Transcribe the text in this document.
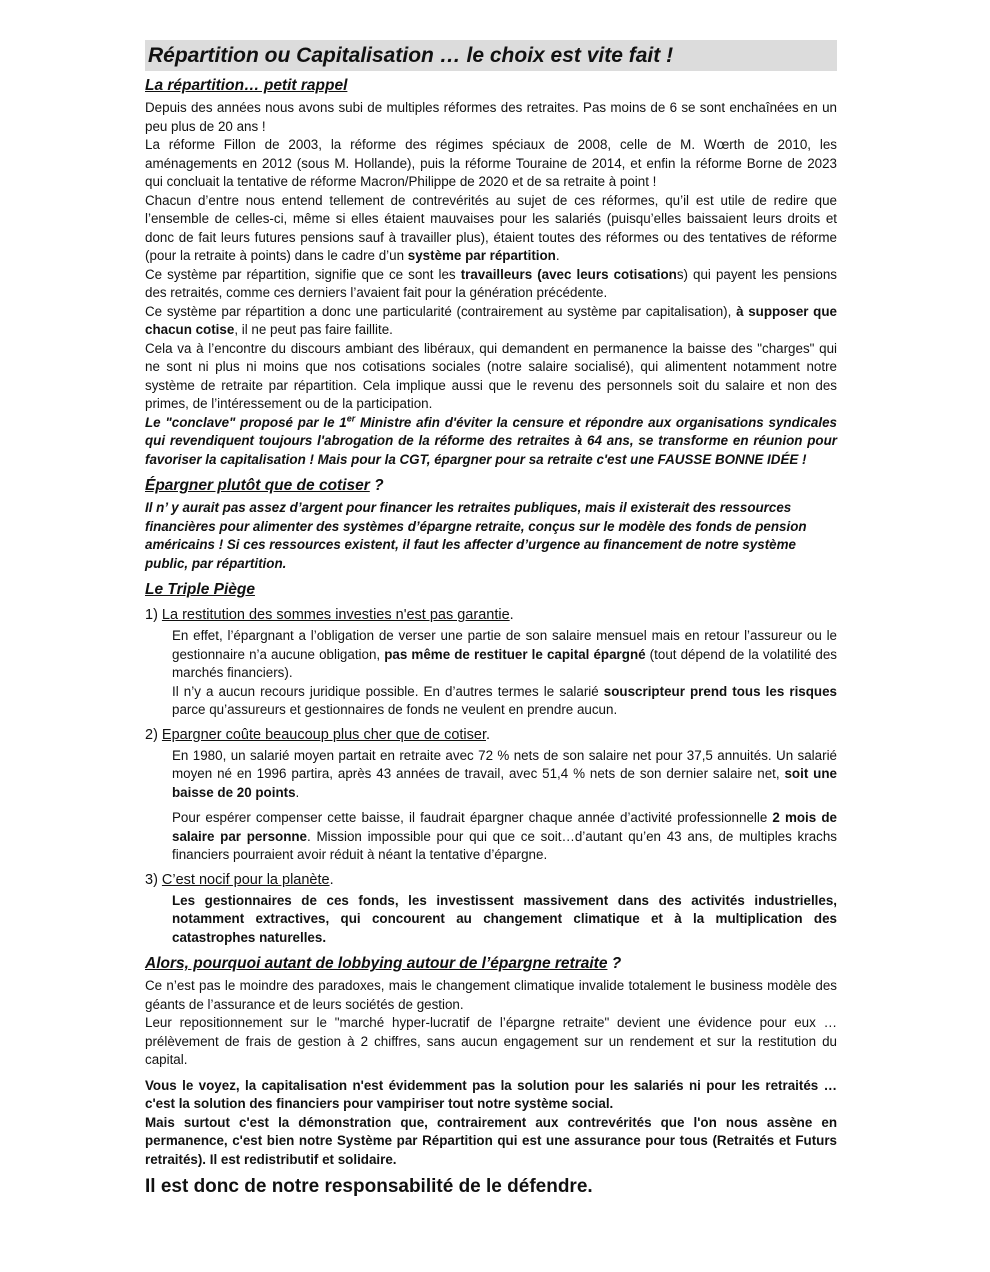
Répartition ou Capitalisation … le choix est vite fait !
La répartition… petit rappel

Depuis des années nous avons subi de multiples réformes des retraites. Pas moins de 6 se sont enchaînées en un peu plus de 20 ans !

La réforme Fillon de 2003, la réforme des régimes spéciaux de 2008, celle de M. Wœrth de 2010, les aménagements en 2012 (sous M. Hollande), puis la réforme Touraine de 2014, et enfin la réforme Borne de 2023 qui concluait la tentative de réforme Macron/Philippe de 2020 et de sa retraite à point !

Chacun d’entre nous entend tellement de contrevérités au sujet de ces réformes, qu’il est utile de redire que l’ensemble de celles-ci, même si elles étaient mauvaises pour les salariés (puisqu’elles baissaient leurs droits et donc de fait leurs futures pensions sauf à travailler plus), étaient toutes des réformes ou des tentatives de réforme (pour la retraite à points) dans le cadre d’un système par répartition.

Ce système par répartition, signifie que ce sont les travailleurs (avec leurs cotisations) qui payent les pensions des retraités, comme ces derniers l’avaient fait pour la génération précédente.

Ce système par répartition a donc une particularité (contrairement au système par capitalisation), à supposer que chacun cotise, il ne peut pas faire faillite.

Cela va à l’encontre du discours ambiant des libéraux, qui demandent en permanence la baisse des "charges" qui ne sont ni plus ni moins que nos cotisations sociales (notre salaire socialisé), qui alimentent notamment notre système de retraite par répartition. Cela implique aussi que le revenu des personnels soit du salaire et non des primes, de l’intéressement ou de la participation.

Le "conclave" proposé par le 1er Ministre afin d'éviter la censure et répondre aux organisations syndicales qui revendiquent toujours l'abrogation de la réforme des retraites à 64 ans, se transforme en réunion pour favoriser la capitalisation ! Mais pour la CGT, épargner pour sa retraite c'est une FAUSSE BONNE IDÉE !

Épargner plutôt que de cotiser ?

Il n’ y aurait pas assez d’argent pour financer les retraites publiques, mais il existerait des ressources financières pour alimenter des systèmes d’épargne retraite, conçus sur le modèle des fonds de pension américains ! Si ces ressources existent, il faut les affecter d’urgence au financement de notre système public, par répartition.

Le Triple Piège
1) La restitution des sommes investies n'est pas garantie.

En effet, l’épargnant a l’obligation de verser une partie de son salaire mensuel mais en retour l’assureur ou le gestionnaire n’a aucune obligation, pas même de restituer le capital épargné (tout dépend de la volatilité des marchés financiers).

Il n’y a aucun recours juridique possible. En d’autres termes le salarié souscripteur prend tous les risques parce qu’assureurs et gestionnaires de fonds ne veulent en prendre aucun.

2) Epargner coûte beaucoup plus cher que de cotiser.

En 1980, un salarié moyen partait en retraite avec 72 % nets de son salaire net pour 37,5 annuités. Un salarié moyen né en 1996 partira, après 43 années de travail, avec 51,4 % nets de son dernier salaire net, soit une baisse de 20 points.

Pour espérer compenser cette baisse, il faudrait épargner chaque année d’activité professionnelle 2 mois de salaire par personne. Mission impossible pour qui que ce soit…d’autant qu’en 43 ans, de multiples krachs financiers pourraient avoir réduit à néant la tentative d’épargne.

3) C’est nocif pour la planète.

Les gestionnaires de ces fonds, les investissent massivement dans des activités industrielles, notamment extractives, qui concourent au changement climatique et à la multiplication des catastrophes naturelles.

Alors, pourquoi autant de lobbying autour de l’épargne retraite ?

Ce n’est pas le moindre des paradoxes, mais le changement climatique invalide totalement le business modèle des géants de l’assurance et de leurs sociétés de gestion.

Leur repositionnement sur le "marché hyper-lucratif de l’épargne retraite" devient une évidence pour eux … prélèvement de frais de gestion à 2 chiffres, sans aucun engagement sur un rendement et sur la restitution du capital.

Vous le voyez, la capitalisation n'est évidemment pas la solution pour les salariés ni pour les retraités … c'est la solution des financiers pour vampiriser tout notre système social.

Mais surtout c'est la démonstration que, contrairement aux contrevérités que l'on nous assène en permanence, c'est bien notre Système par Répartition qui est une assurance pour tous (Retraités et Futurs retraités). Il est redistributif et solidaire.

Il est donc de notre responsabilité de le défendre.
